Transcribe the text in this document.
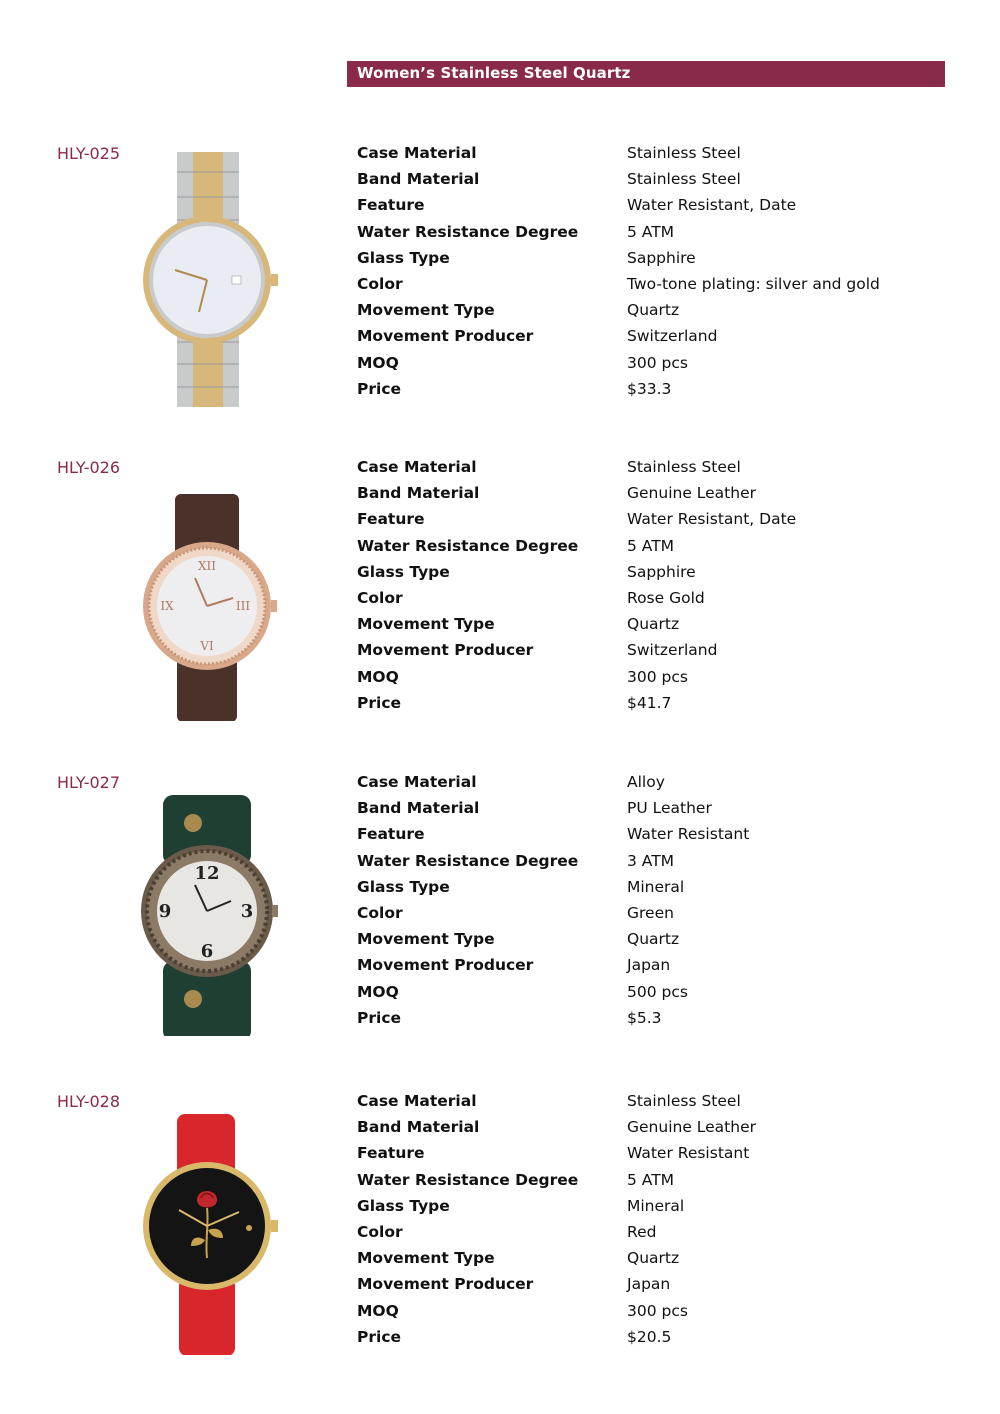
Women’s Stainless Steel Quartz
HLY-025	Case Material	Stainless Steel
Band Material	Stainless Steel
Feature	Water Resistant, Date
Water Resistance Degree	5 ATM
Glass Type	Sapphire
Color	Two-tone plating: silver and gold
Movement Type	Quartz
Movement Producer	Switzerland
MOQ	300 pcs
Price	$33.3
HLY-026
XII
IX	III
VI
Case Material	Stainless Steel
Band Material	Genuine Leather
Feature	Water Resistant, Date
Water Resistance Degree	5 ATM
Glass Type	Sapphire
Color	Rose Gold
Movement Type	Quartz
Movement Producer	Switzerland
MOQ	300 pcs
Price	$41.7
HLY-027
12
9	3
6
Case Material	Alloy
Band Material	PU Leather
Feature	Water Resistant
Water Resistance Degree	3 ATM
Glass Type	Mineral
Color	Green
Movement Type	Quartz
Movement Producer	Japan
MOQ	500 pcs
Price	$5.3
HLY-028	Case Material	Stainless Steel
Band Material	Genuine Leather
Feature	Water Resistant
Water Resistance Degree	5 ATM
Glass Type	Mineral
Color	Red
Movement Type	Quartz
Movement Producer	Japan
MOQ	300 pcs
Price	$20.5
